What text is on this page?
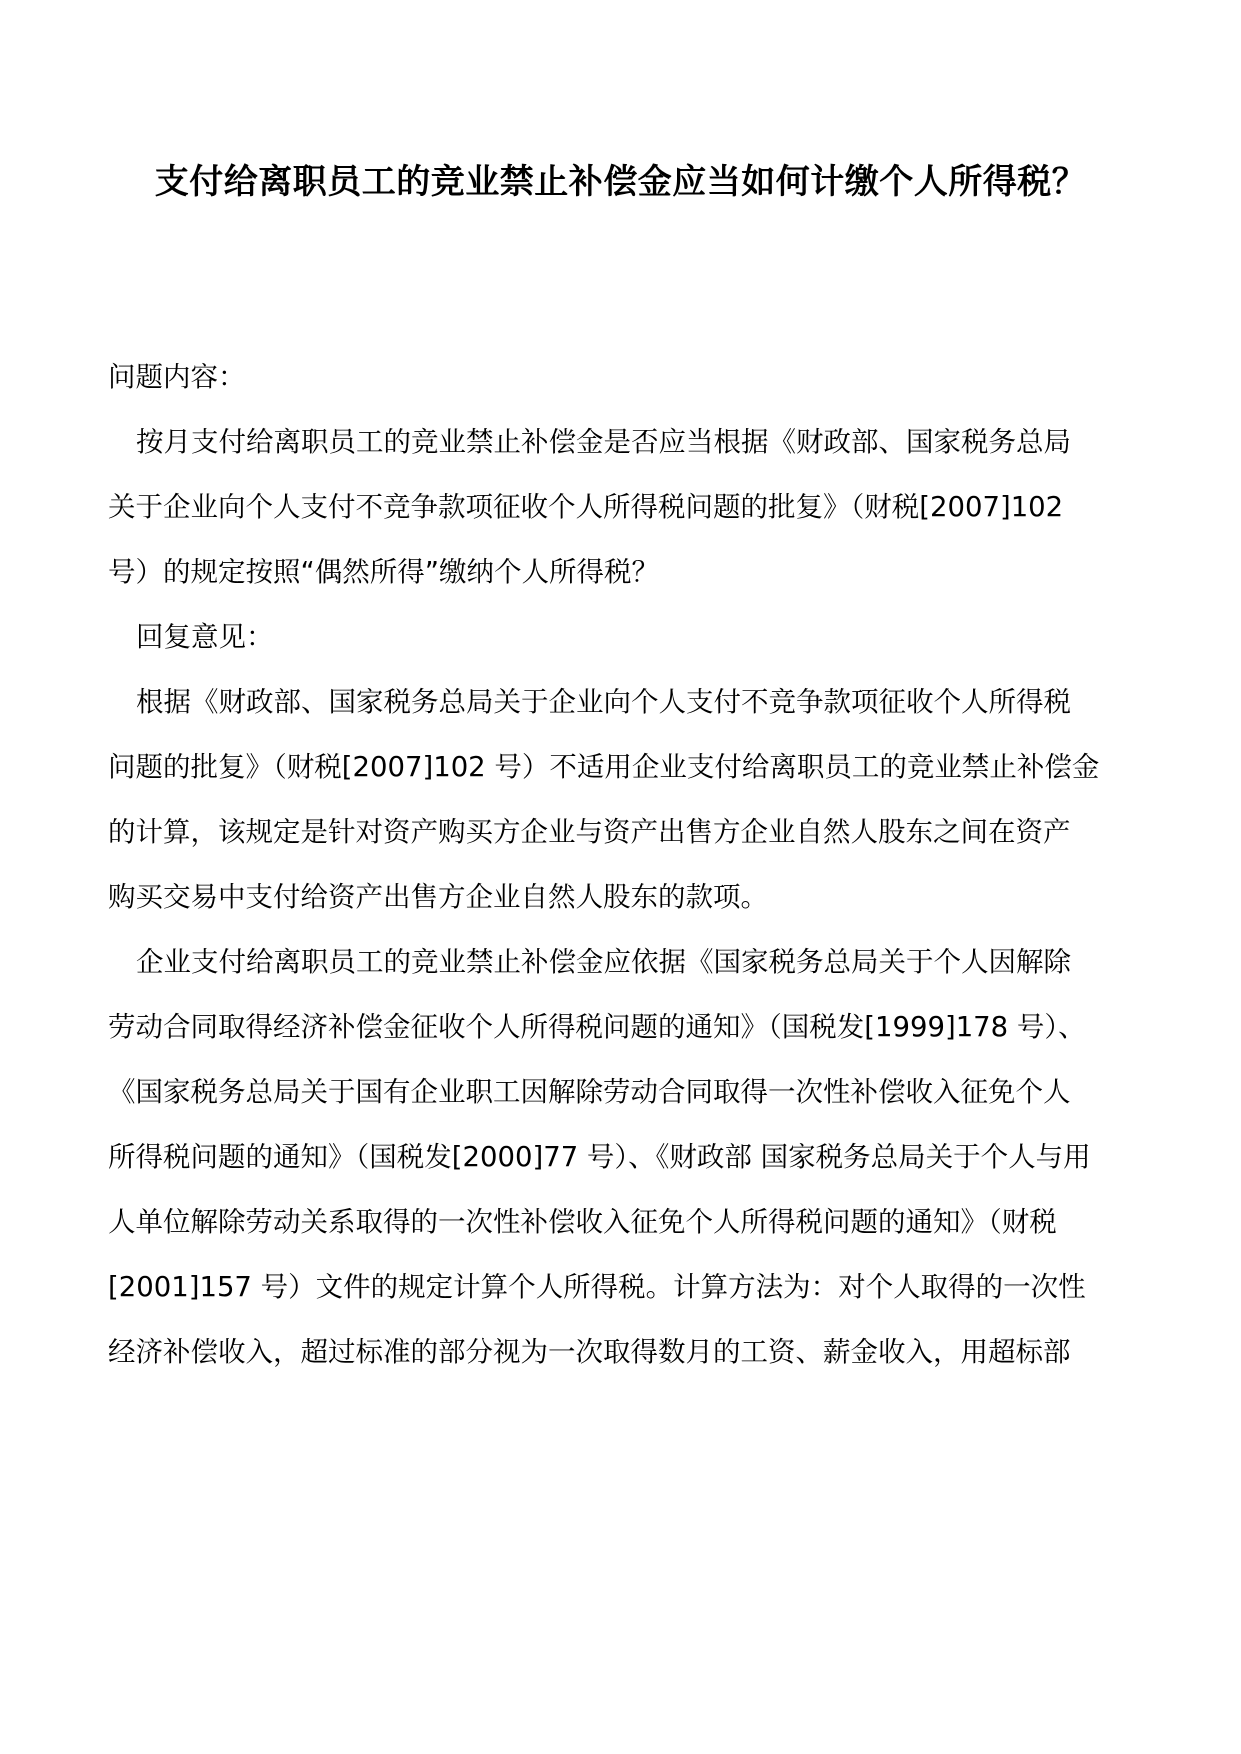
支付给离职员工的竞业禁止补偿金应当如何计缴个人所得税？
问题内容：
按月支付给离职员工的竞业禁止补偿金是否应当根据《财政部、国家税务总局
关于企业向个人支付不竞争款项征收个人所得税问题的批复》（财税[2007]102
号）的规定按照“偶然所得”缴纳个人所得税？
回复意见：
根据《财政部、国家税务总局关于企业向个人支付不竞争款项征收个人所得税
问题的批复》（财税[2007]102 号）不适用企业支付给离职员工的竞业禁止补偿金
的计算，该规定是针对资产购买方企业与资产出售方企业自然人股东之间在资产
购买交易中支付给资产出售方企业自然人股东的款项。
企业支付给离职员工的竞业禁止补偿金应依据《国家税务总局关于个人因解除
劳动合同取得经济补偿金征收个人所得税问题的通知》（国税发[1999]178 号）、
《国家税务总局关于国有企业职工因解除劳动合同取得一次性补偿收入征免个人
所得税问题的通知》（国税发[2000]77 号）、《财政部 国家税务总局关于个人与用
人单位解除劳动关系取得的一次性补偿收入征免个人所得税问题的通知》（财税
[2001]157 号）文件的规定计算个人所得税。计算方法为：对个人取得的一次性
经济补偿收入，超过标准的部分视为一次取得数月的工资、薪金收入，用超标部
